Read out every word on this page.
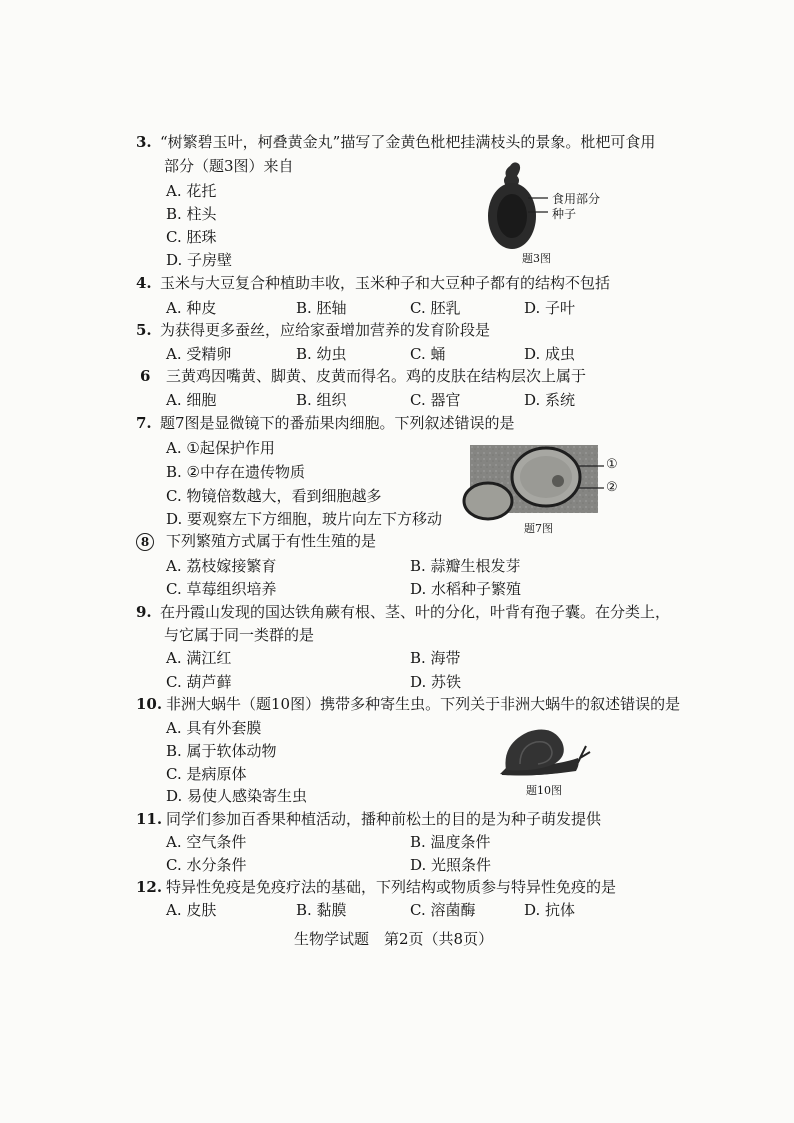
3. “树繁碧玉叶，柯叠黄金丸”描写了金黄色枇杷挂满枝头的景象。枇杷可食用
部分（题3图）来自
A. 花托
B. 柱头
C. 胚珠
D. 子房壁
食用部分
种子
题3图
4. 玉米与大豆复合种植助丰收，玉米种子和大豆种子都有的结构不包括
A. 种皮	B. 胚轴	C. 胚乳	D. 子叶
5. 为获得更多蚕丝，应给家蚕增加营养的发育阶段是
A. 受精卵	B. 幼虫	C. 蛹	D. 成虫
6 三黄鸡因嘴黄、脚黄、皮黄而得名。鸡的皮肤在结构层次上属于
A. 细胞	B. 组织	C. 器官	D. 系统
7. 题7图是显微镜下的番茄果肉细胞。下列叙述错误的是
A. ①起保护作用
B. ②中存在遗传物质
C. 物镜倍数越大，看到细胞越多
D. 要观察左下方细胞，玻片向左下方移动
①
②
题7图
8	下列繁殖方式属于有性生殖的是
A. 荔枝嫁接繁育	B. 蒜瓣生根发芽
C. 草莓组织培养	D. 水稻种子繁殖
9. 在丹霞山发现的国达铁角蕨有根、茎、叶的分化，叶背有孢子囊。在分类上，
与它属于同一类群的是
A. 满江红	B. 海带
C. 葫芦藓	D. 苏铁
10. 非洲大蜗牛（题10图）携带多种寄生虫。下列关于非洲大蜗牛的叙述错误的是
A. 具有外套膜
B. 属于软体动物
C. 是病原体
D. 易使人感染寄生虫	题10图
11. 同学们参加百香果种植活动，播种前松土的目的是为种子萌发提供
A. 空气条件	B. 温度条件
C. 水分条件	D. 光照条件
12. 特异性免疫是免疫疗法的基础，下列结构或物质参与特异性免疫的是
A. 皮肤	B. 黏膜	C. 溶菌酶	D. 抗体
生物学试题　第2页（共8页）
